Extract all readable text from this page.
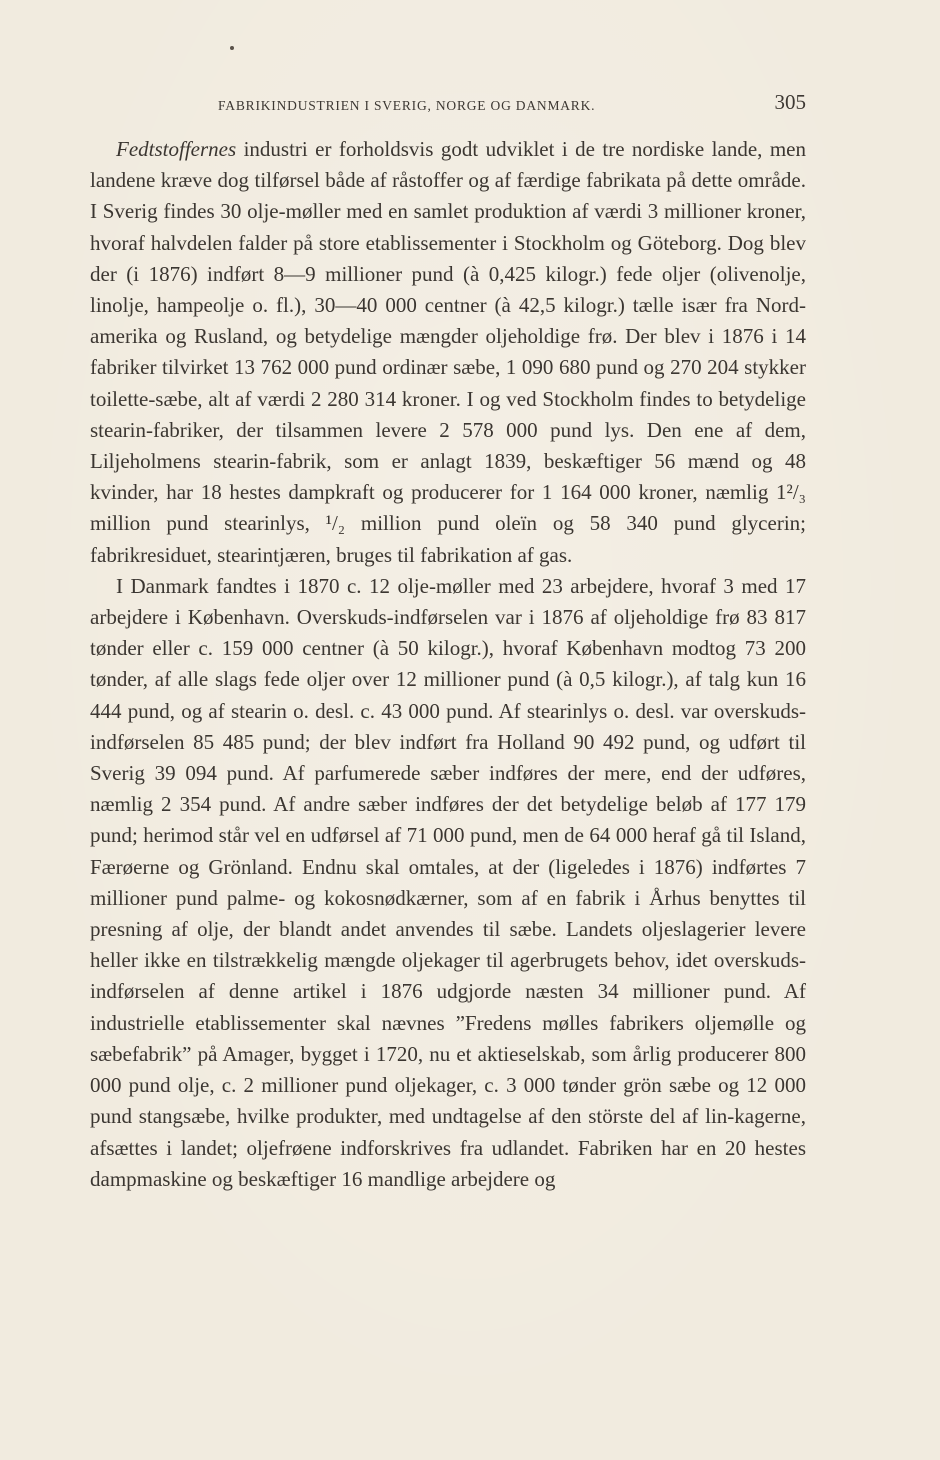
FABRIKINDUSTRIEN I SVERIG, NORGE OG DANMARK.	305

Fedtstoffernes industri er forholdsvis godt udviklet i de tre nordiske lande, men landene kræve dog tilførsel både af råstoffer og af færdige fabrikata på dette område. I Sverig findes 30 olje-møller med en samlet produktion af værdi 3 millioner kroner, hvoraf halvdelen falder på store etablissementer i Stockholm og Göteborg. Dog blev der (i 1876) indført 8—9 millioner pund (à 0,425 kilogr.) fede oljer (olivenolje, linolje, hampeolje o. fl.), 30—40 000 centner (à 42,5 kilogr.) tælle især fra Nord-amerika og Rusland, og betydelige mængder oljeholdige frø. Der blev i 1876 i 14 fabriker tilvirket 13 762 000 pund ordinær sæbe, 1 090 680 pund og 270 204 stykker toilette-sæbe, alt af værdi 2 280 314 kroner. I og ved Stockholm findes to betydelige stearin-fabriker, der tilsammen levere 2 578 000 pund lys. Den ene af dem, Liljeholmens stearin-fabrik, som er anlagt 1839, beskæftiger 56 mænd og 48 kvinder, har 18 hestes dampkraft og producerer for 1 164 000 kroner, næmlig 1²/₃ million pund stearinlys, ¹/₂ million pund oleïn og 58 340 pund glycerin; fabrikresiduet, stearintjæren, bruges til fabrikation af gas.

I Danmark fandtes i 1870 c. 12 olje-møller med 23 arbejdere, hvoraf 3 med 17 arbejdere i København. Overskuds-indførselen var i 1876 af oljeholdige frø 83 817 tønder eller c. 159 000 centner (à 50 kilogr.), hvoraf København modtog 73 200 tønder, af alle slags fede oljer over 12 millioner pund (à 0,5 kilogr.), af talg kun 16 444 pund, og af stearin o. desl. c. 43 000 pund. Af stearinlys o. desl. var overskuds-indførselen 85 485 pund; der blev indført fra Holland 90 492 pund, og udført til Sverig 39 094 pund. Af parfumerede sæber indføres der mere, end der udføres, næmlig 2 354 pund. Af andre sæber indføres der det betydelige beløb af 177 179 pund; herimod står vel en udførsel af 71 000 pund, men de 64 000 heraf gå til Island, Færøerne og Grönland. Endnu skal omtales, at der (ligeledes i 1876) indførtes 7 millioner pund palme- og kokosnødkærner, som af en fabrik i Århus benyttes til presning af olje, der blandt andet anvendes til sæbe. Landets oljeslagerier levere heller ikke en tilstrækkelig mængde oljekager til agerbrugets behov, idet overskuds-indførselen af denne artikel i 1876 udgjorde næsten 34 millioner pund. Af industrielle etablissementer skal nævnes ”Fredens mølles fabrikers oljemølle og sæbefabrik” på Amager, bygget i 1720, nu et aktieselskab, som årlig producerer 800 000 pund olje, c. 2 millioner pund oljekager, c. 3 000 tønder grön sæbe og 12 000 pund stangsæbe, hvilke produkter, med undtagelse af den störste del af lin-kagerne, afsættes i landet; oljefrøene indforskrives fra udlandet. Fabriken har en 20 hestes dampmaskine og beskæftiger 16 mandlige arbejdere og
